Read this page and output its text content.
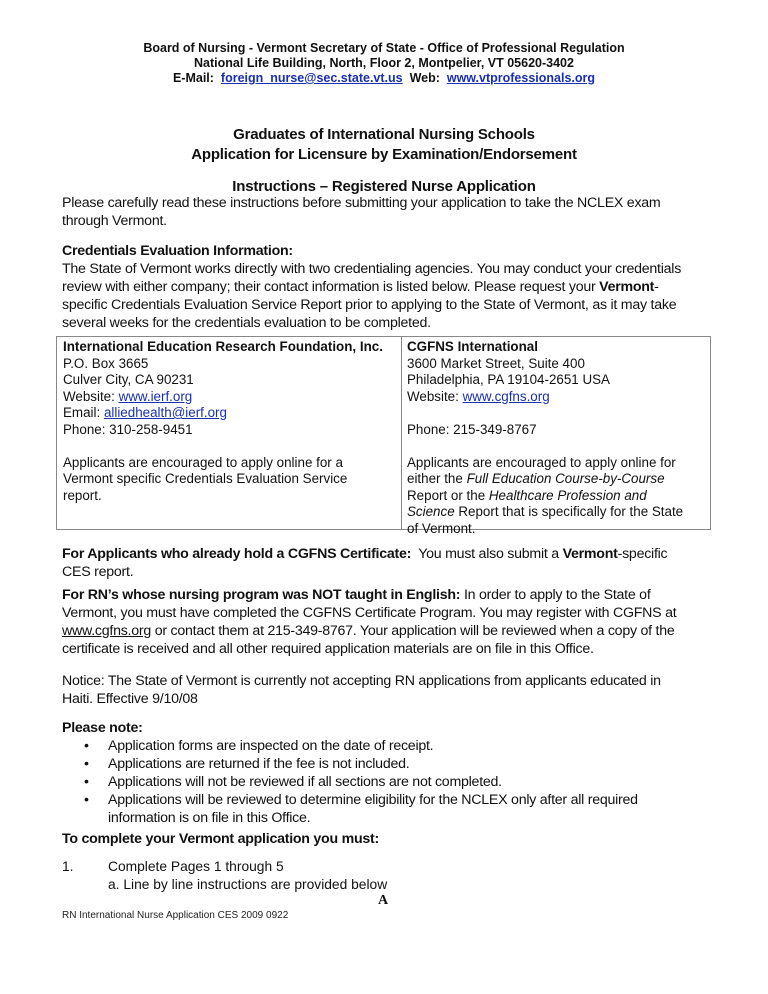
Board of Nursing - Vermont Secretary of State - Office of Professional Regulation
National Life Building, North, Floor 2, Montpelier, VT 05620-3402
E-Mail: foreign_nurse@sec.state.vt.us Web: www.vtprofessionals.org
Graduates of International Nursing Schools
Application for Licensure by Examination/Endorsement
Instructions – Registered Nurse Application
Please carefully read these instructions before submitting your application to take the NCLEX exam
through Vermont.
Credentials Evaluation Information:
The State of Vermont works directly with two credentialing agencies. You may conduct your credentials
review with either company; their contact information is listed below. Please request your Vermont-
specific Credentials Evaluation Service Report prior to applying to the State of Vermont, as it may take
several weeks for the credentials evaluation to be completed.
International Education Research Foundation, Inc.
P.O. Box 3665
Culver City, CA 90231
Website: www.ierf.org
Email: alliedhealth@ierf.org
Phone: 310-258-9451
Applicants are encouraged to apply online for a
Vermont specific Credentials Evaluation Service
report.
CGFNS International
3600 Market Street, Suite 400
Philadelphia, PA 19104-2651 USA
Website: www.cgfns.org
Phone: 215-349-8767
Applicants are encouraged to apply online for
either the Full Education Course-by-Course
Report or the Healthcare Profession and
Science Report that is specifically for the State
of Vermont.
For Applicants who already hold a CGFNS Certificate:  You must also submit a Vermont-specific
CES report.
For RN’s whose nursing program was NOT taught in English: In order to apply to the State of
Vermont, you must have completed the CGFNS Certificate Program. You may register with CGFNS at
www.cgfns.org or contact them at 215-349-8767. Your application will be reviewed when a copy of the
certificate is received and all other required application materials are on file in this Office.
Notice: The State of Vermont is currently not accepting RN applications from applicants educated in
Haiti. Effective 9/10/08
Please note:
• Application forms are inspected on the date of receipt.
• Applications are returned if the fee is not included.
• Applications will not be reviewed if all sections are not completed.
• Applications will be reviewed to determine eligibility for the NCLEX only after all required
information is on file in this Office.
To complete your Vermont application you must:
1. Complete Pages 1 through 5
a. Line by line instructions are provided below
A
RN International Nurse Application CES 2009 0922
